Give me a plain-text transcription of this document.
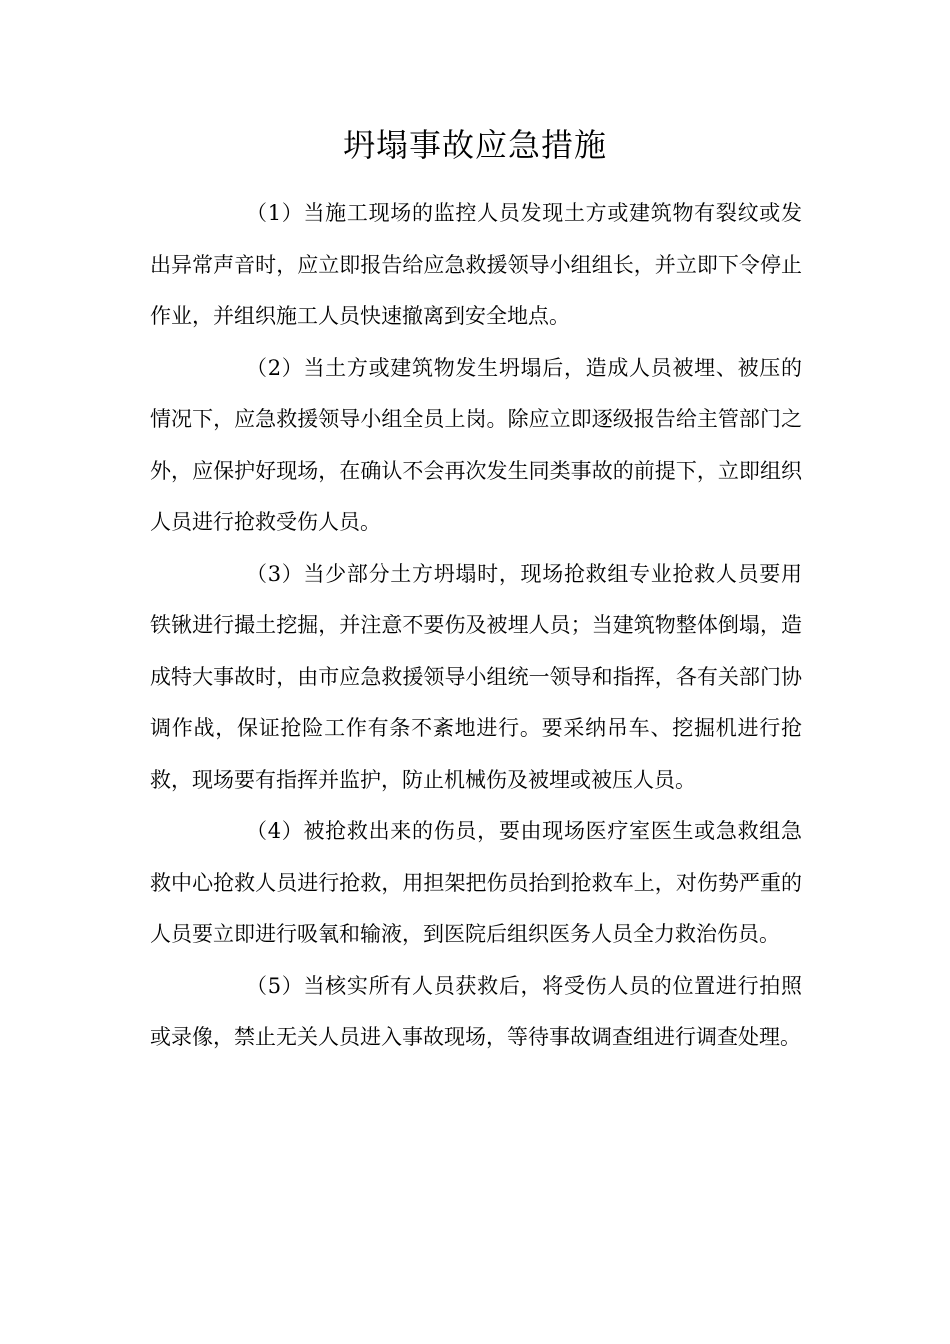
坍塌事故应急措施

（1）当施工现场的监控人员发现土方或建筑物有裂纹或发出异常声音时，应立即报告给应急救援领导小组组长，并立即下令停止作业，并组织施工人员快速撤离到安全地点。

（2）当土方或建筑物发生坍塌后，造成人员被埋、被压的情况下，应急救援领导小组全员上岗。除应立即逐级报告给主管部门之外，应保护好现场，在确认不会再次发生同类事故的前提下，立即组织人员进行抢救受伤人员。

（3）当少部分土方坍塌时，现场抢救组专业抢救人员要用铁锹进行撮土挖掘，并注意不要伤及被埋人员；当建筑物整体倒塌，造成特大事故时，由市应急救援领导小组统一领导和指挥，各有关部门协调作战，保证抢险工作有条不紊地进行。要采纳吊车、挖掘机进行抢救，现场要有指挥并监护，防止机械伤及被埋或被压人员。

（4）被抢救出来的伤员，要由现场医疗室医生或急救组急救中心抢救人员进行抢救，用担架把伤员抬到抢救车上，对伤势严重的人员要立即进行吸氧和输液，到医院后组织医务人员全力救治伤员。

（5）当核实所有人员获救后，将受伤人员的位置进行拍照或录像，禁止无关人员进入事故现场，等待事故调查组进行调查处理。
